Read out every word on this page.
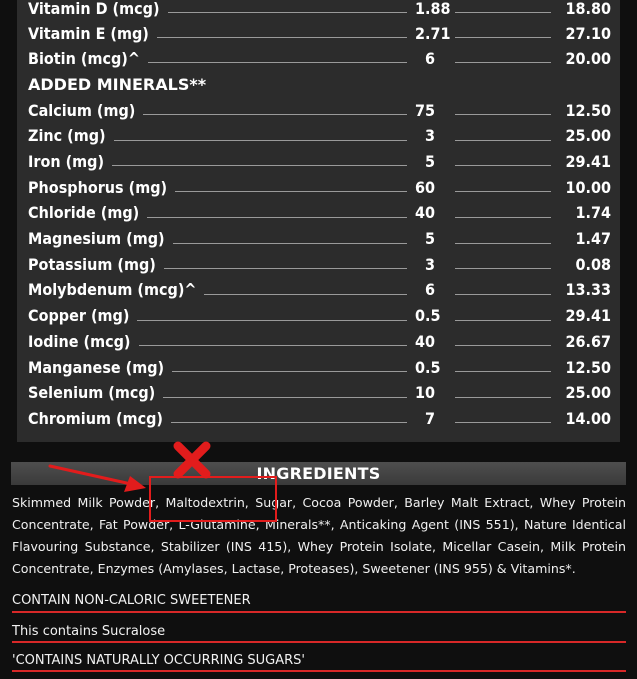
Vitamin D (mcg)	1.88	18.80
Vitamin E (mg)	2.71	27.10
Biotin (mcg)^	6	20.00
ADDED MINERALS**
Calcium (mg)	75	12.50
Zinc (mg)	3	25.00
Iron (mg)	5	29.41
Phosphorus (mg)	60	10.00
Chloride (mg)	40	1.74
Magnesium (mg)	5	1.47
Potassium (mg)	3	0.08
Molybdenum (mcg)^	6	13.33
Copper (mg)	0.5	29.41
Iodine (mcg)	40	26.67
Manganese (mg)	0.5	12.50
Selenium (mcg)	10	25.00
Chromium (mcg)	7	14.00
INGREDIENTS

Skimmed Milk Powder, Maltodextrin, Sugar, Cocoa Powder, Barley Malt Extract, Whey Protein Concentrate, Fat Powder, L-Glutamine, Minerals**, Anticaking Agent (INS 551), Nature Identical Flavouring Substance, Stabilizer (INS 415), Whey Protein Isolate, Micellar Casein, Milk Protein Concentrate, Enzymes (Amylases, Lactase, Proteases), Sweetener (INS 955) & Vitamins*.

CONTAIN NON-CALORIC SWEETENER
This contains Sucralose
'CONTAINS NATURALLY OCCURRING SUGARS'
